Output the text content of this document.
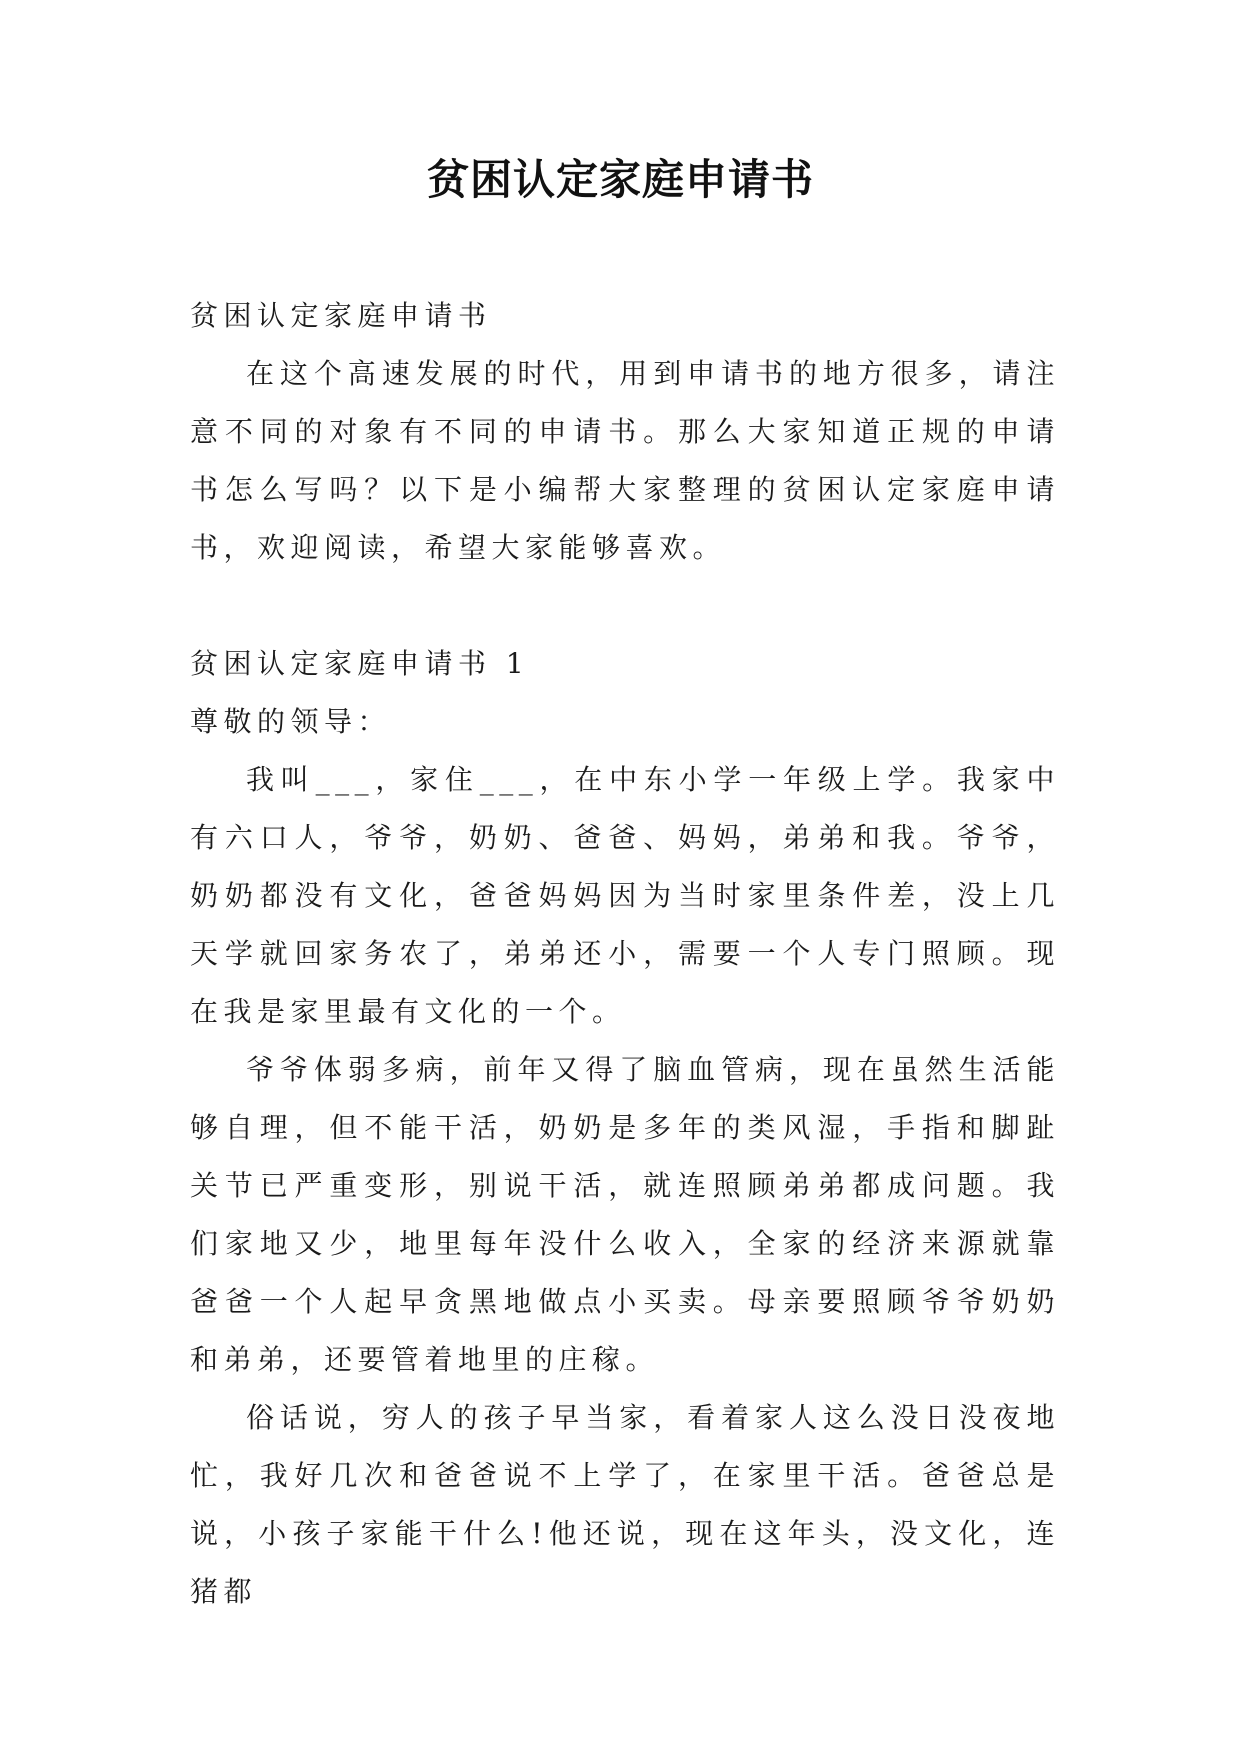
贫困认定家庭申请书

贫困认定家庭申请书

在这个高速发展的时代，用到申请书的地方很多，请注意不同的对象有不同的申请书。那么大家知道正规的申请书怎么写吗？以下是小编帮大家整理的贫困认定家庭申请书，欢迎阅读，希望大家能够喜欢。

贫困认定家庭申请书 1

尊敬的领导：

我叫___，家住___，在中东小学一年级上学。我家中有六口人，爷爷，奶奶、爸爸、妈妈，弟弟和我。爷爷，奶奶都没有文化，爸爸妈妈因为当时家里条件差，没上几天学就回家务农了，弟弟还小，需要一个人专门照顾。现在我是家里最有文化的一个。

爷爷体弱多病，前年又得了脑血管病，现在虽然生活能够自理，但不能干活，奶奶是多年的类风湿，手指和脚趾关节已严重变形，别说干活，就连照顾弟弟都成问题。我们家地又少，地里每年没什么收入，全家的经济来源就靠爸爸一个人起早贪黑地做点小买卖。母亲要照顾爷爷奶奶和弟弟，还要管着地里的庄稼。

俗话说，穷人的孩子早当家，看着家人这么没日没夜地忙，我好几次和爸爸说不上学了，在家里干活。爸爸总是说，小孩子家能干什么!他还说，现在这年头，没文化，连猪都
